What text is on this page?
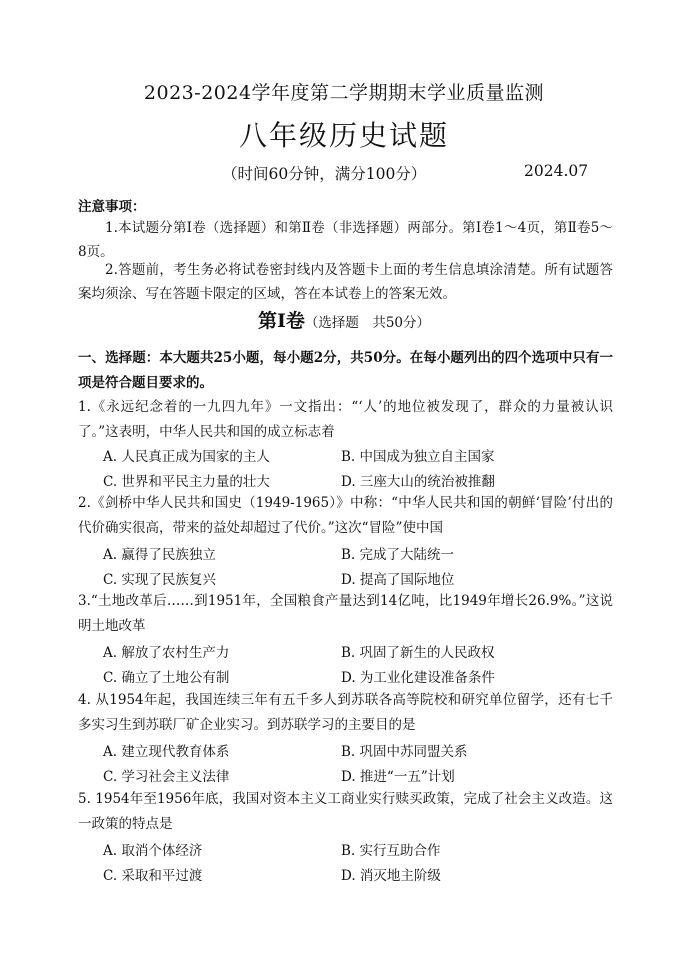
2023-2024学年度第二学期期末学业质量监测
八年级历史试题
（时间60分钟，满分100分）	2024.07
注意事项：
1.本试题分第Ⅰ卷（选择题）和第Ⅱ卷（非选择题）两部分。第Ⅰ卷1～4页，第Ⅱ卷5～8页。
2.答题前，考生务必将试卷密封线内及答题卡上面的考生信息填涂清楚。所有试题答案均须涂、写在答题卡限定的区域，答在本试卷上的答案无效。
第Ⅰ卷（选择题　共50分）
一、选择题：本大题共25小题，每小题2分，共50分。在每小题列出的四个选项中只有一项是符合题目要求的。
1.《永远纪念着的一九四九年》一文指出：“‘人’的地位被发现了，群众的力量被认识了。”这表明，中华人民共和国的成立标志着
A. 人民真正成为国家的主人	B. 中国成为独立自主国家
C. 世界和平民主力量的壮大	D. 三座大山的统治被推翻
2.《剑桥中华人民共和国史（1949-1965）》中称：“中华人民共和国的朝鲜‘冒险’付出的代价确实很高，带来的益处却超过了代价。”这次“冒险”使中国
A. 赢得了民族独立	B. 完成了大陆统一
C. 实现了民族复兴	D. 提高了国际地位
3.“土地改革后……到1951年，全国粮食产量达到14亿吨，比1949年增长26.9%。”这说明土地改革
A. 解放了农村生产力	B. 巩固了新生的人民政权
C. 确立了土地公有制	D. 为工业化建设准备条件
4. 从1954年起，我国连续三年有五千多人到苏联各高等院校和研究单位留学，还有七千多实习生到苏联厂矿企业实习。到苏联学习的主要目的是
A. 建立现代教育体系	B. 巩固中苏同盟关系
C. 学习社会主义法律	D. 推进“一五”计划
5. 1954年至1956年底，我国对资本主义工商业实行赎买政策，完成了社会主义改造。这一政策的特点是
A. 取消个体经济	B. 实行互助合作
C. 采取和平过渡	D. 消灭地主阶级
